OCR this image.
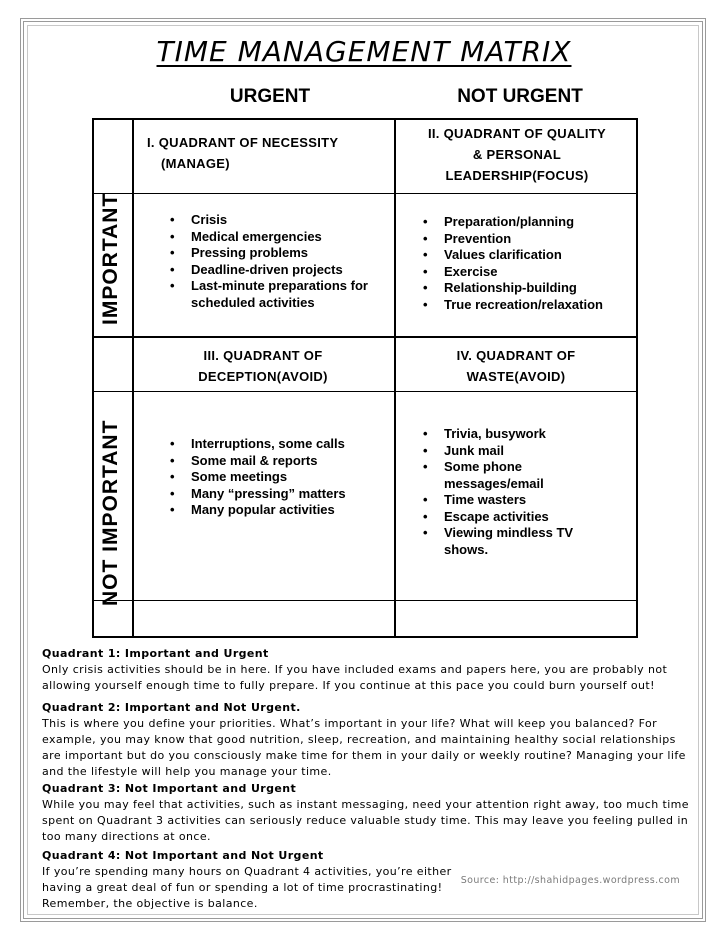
TIME MANAGEMENT MATRIX
URGENT	NOT URGENT
IMPORTANT
NOT IMPORTANT
I. QUADRANT OF NECESSITY
(MANAGE)
• Crisis
• Medical emergencies
• Pressing problems
• Deadline-driven projects
• Last-minute preparations for scheduled activities
II. QUADRANT OF QUALITY
& PERSONAL
LEADERSHIP(FOCUS)
• Preparation/planning
• Prevention
• Values clarification
• Exercise
• Relationship-building
• True recreation/relaxation
III. QUADRANT OF
DECEPTION(AVOID)
• Interruptions, some calls
• Some mail & reports
• Some meetings
• Many “pressing” matters
• Many popular activities
IV. QUADRANT OF
WASTE(AVOID)
• Trivia, busywork
• Junk mail
• Some phone messages/email
• Time wasters
• Escape activities
• Viewing mindless TV shows.
Quadrant 1: Important and Urgent
Only crisis activities should be in here. If you have included exams and papers here, you are probably not allowing yourself enough time to fully prepare. If you continue at this pace you could burn yourself out!
Quadrant 2: Important and Not Urgent.
This is where you define your priorities. What’s important in your life? What will keep you balanced? For example, you may know that good nutrition, sleep, recreation, and maintaining healthy social relationships are important but do you consciously make time for them in your daily or weekly routine? Managing your life and the lifestyle will help you manage your time.
Quadrant 3: Not Important and Urgent
While you may feel that activities, such as instant messaging, need your attention right away, too much time spent on Quadrant 3 activities can seriously reduce valuable study time. This may leave you feeling pulled in too many directions at once.
Quadrant 4: Not Important and Not Urgent
If you’re spending many hours on Quadrant 4 activities, you’re either having a great deal of fun or spending a lot of time procrastinating! Remember, the objective is balance.
Source: http://shahidpages.wordpress.com
